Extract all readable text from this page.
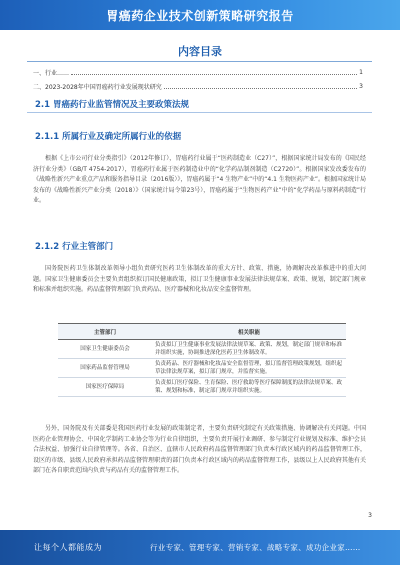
胃癌药企业技术创新策略研究报告
内容目录
一、行业……	1
二、2023-2028年中国胃癌药行业发展现状研究	3
2.1 胃癌药行业监管情况及主要政策法规
2.1.1 所属行业及确定所属行业的依据
根据《上市公司行业分类指引》（2012年修订），胃癌药行业属于“医药制造业（C27）”，根据国家统计局发布的《国民经济行业分类》（GB/T 4754-2017），胃癌药行业属于医药制造业中的“化学药品制剂制造（C2720）”。根据国家发改委发布的《战略性新兴产业重点产品和服务指导目录（2016版）》，胃癌药属于“4 生物产业”中的“4.1 生物医药产业”。根据国家统计局发布的《战略性新兴产业分类（2018）》（国家统计局令第23号），胃癌药属于“生物医药产业”中的“化学药品与原料药制造”行业。
2.1.2 行业主管部门
国务院医药卫生体制改革领导小组负责研究医药卫生体制改革的重大方针、政策、措施，协调解决改革推进中的重大问题。国家卫生健康委员会主要负责组织拟订国民健康政策，拟订卫生健康事业发展法律法规草案、政策、规划，制定部门规章和标准并组织实施。药品监督管理部门负责药品、医疗器械和化妆品安全监督管理。
主管部门	相关职能
国家卫生健康委员会	负责拟订卫生健康事业发展法律法规草案、政策、规划，制定部门规章和标准并组织实施，协调推进深化医药卫生体制改革。
国家药品监督管理局	负责药品、医疗器械和化妆品安全监督管理，拟订监督管理政策规划，组织起草法律法规草案，拟订部门规章，并监督实施。
国家医疗保障局	负责拟订医疗保险、生育保险、医疗救助等医疗保障制度的法律法规草案、政策、规划和标准，制定部门规章并组织实施。
另外，国务院及有关部委是我国医药行业发展的政策制定者，主要负责研究制定有关政策措施、协调解决有关问题。中国医药企业管理协会、中国化学制药工业协会等为行业自律组织，主要负责开展行业调研、参与制定行业规划及标准、维护会员合法权益、加强行业自律管理等。各省、自治区、直辖市人民政府药品监督管理部门负责本行政区域内的药品监督管理工作，设区的市级、县级人民政府承担药品监督管理职责的部门负责本行政区域内的药品监督管理工作，县级以上人民政府其他有关部门在各自职责范围内负责与药品有关的监督管理工作。
3
让每个人都能成为	行业专家、管理专家、营销专家、战略专家、成功企业家……
